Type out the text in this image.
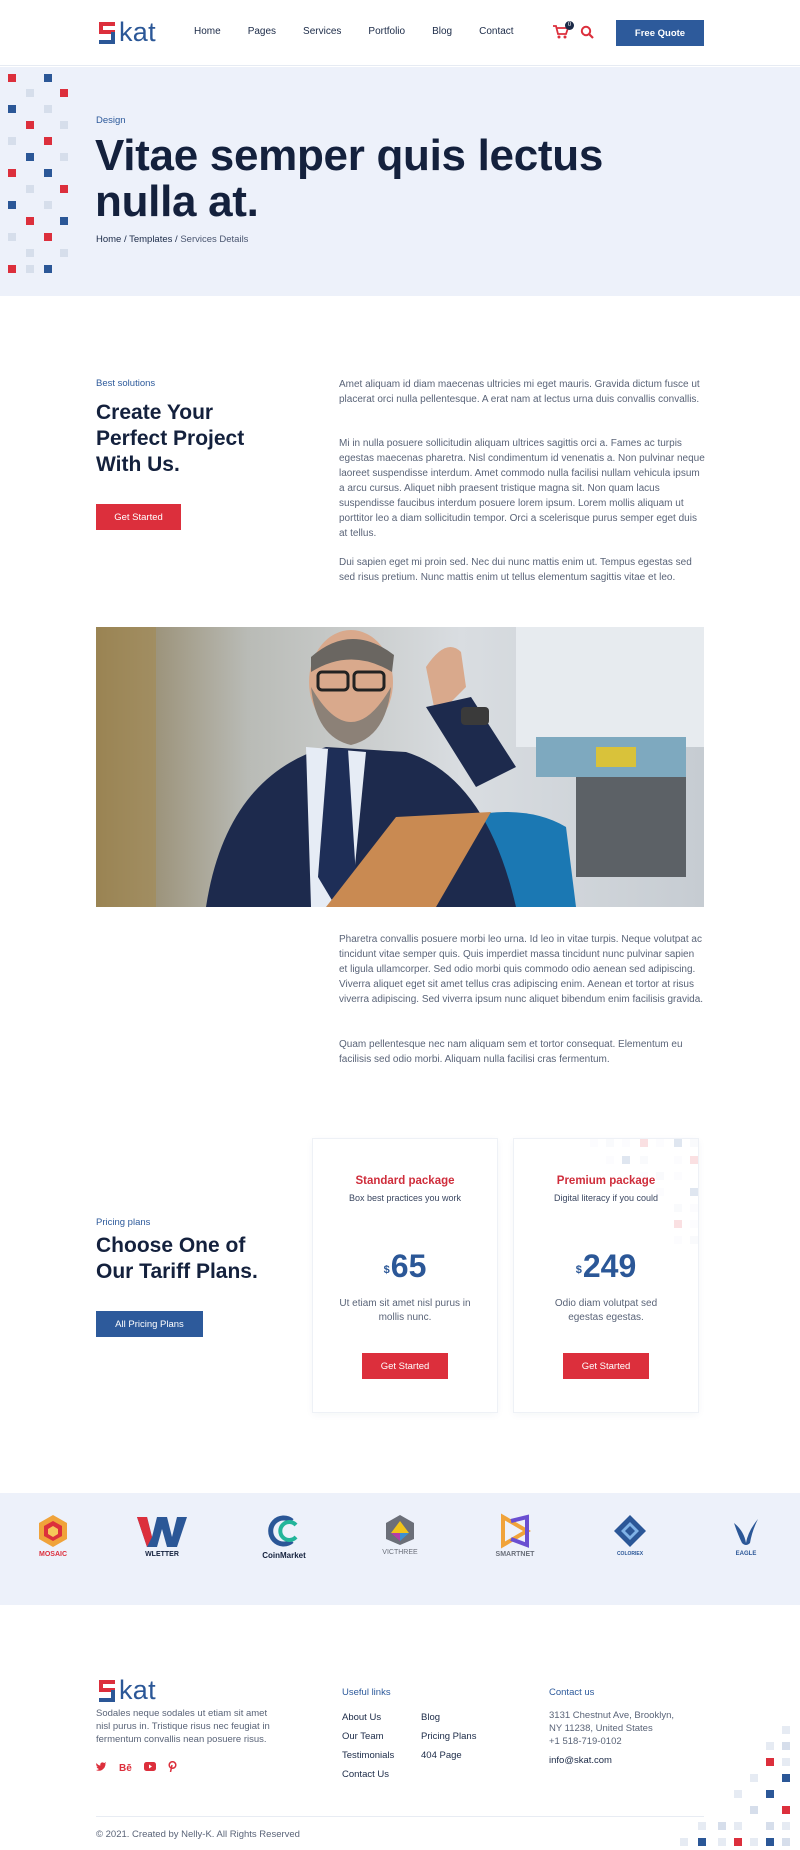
kat	Home	Pages	Services	Portfolio	Blog	Contact
0
Free Quote
Design
Vitae semper quis lectus nulla at.
Home / Templates / Services Details
Best solutions
Create Your Perfect Project With Us.
Get Started

Amet aliquam id diam maecenas ultricies mi eget mauris. Gravida dictum fusce ut placerat orci nulla pellentesque. A erat nam at lectus urna duis convallis convallis.

Mi in nulla posuere sollicitudin aliquam ultrices sagittis orci a. Fames ac turpis egestas maecenas pharetra. Nisl condimentum id venenatis a. Non pulvinar neque laoreet suspendisse interdum. Amet commodo nulla facilisi nullam vehicula ipsum a arcu cursus. Aliquet nibh praesent tristique magna sit. Non quam lacus suspendisse faucibus interdum posuere lorem ipsum. Lorem mollis aliquam ut porttitor leo a diam sollicitudin tempor. Orci a scelerisque purus semper eget duis at tellus.

Dui sapien eget mi proin sed. Nec dui nunc mattis enim ut. Tempus egestas sed sed risus pretium. Nunc mattis enim ut tellus elementum sagittis vitae et leo.

Pharetra convallis posuere morbi leo urna. Id leo in vitae turpis. Neque volutpat ac tincidunt vitae semper quis. Quis imperdiet massa tincidunt nunc pulvinar sapien et ligula ullamcorper. Sed odio morbi quis commodo odio aenean sed adipiscing. Viverra aliquet eget sit amet tellus cras adipiscing enim. Aenean et tortor at risus viverra adipiscing. Sed viverra ipsum nunc aliquet bibendum enim facilisis gravida.

Quam pellentesque nec nam aliquam sem et tortor consequat. Elementum eu facilisis sed odio morbi. Aliquam nulla facilisi cras fermentum.

Pricing plans
Choose One of Our Tariff Plans.
All Pricing Plans
Standard package
Box best practices you work
$65
Ut etiam sit amet nisl purus in mollis nunc.
Get Started
Premium package
Digital literacy if you could
$249
Odio diam volutpat sed egestas egestas.
Get Started
MOSAIC	WLETTER	CoinMarket	VICTHREE	SMARTNET	COLORIEX	EAGLE
kat

Sodales neque sodales ut etiam sit amet nisl purus in. Tristique risus nec feugiat in fermentum convallis nean posuere risus.

Bē
Useful links
About Us
Our Team
Testimonials
Contact Us
Blog
Pricing Plans
404 Page
Contact us
3131 Chestnut Ave, Brooklyn,
NY 11238, United States
+1 518-719-0102
info@skat.com
© 2021. Created by Nelly-K. All Rights Reserved
